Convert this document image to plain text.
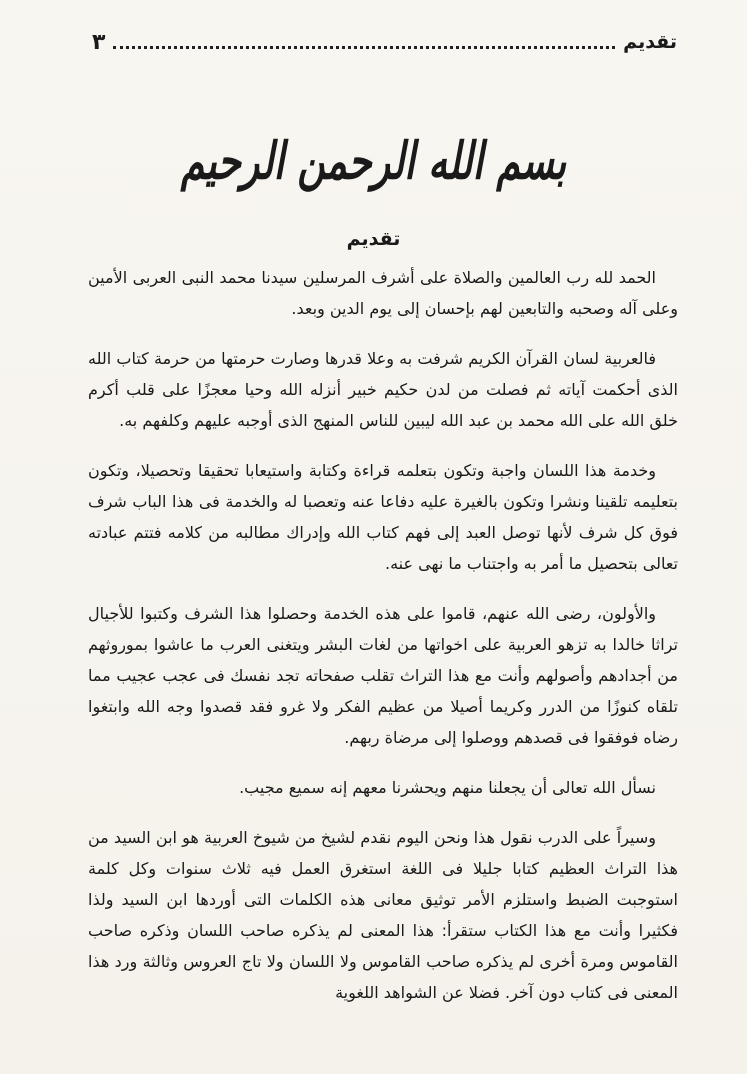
تقديم
٣
بسم الله الرحمن الرحيم
تقديم

الحمد لله رب العالمين والصلاة على أشرف المرسلين سيدنا محمد النبى العربى الأمين وعلى آله وصحبه والتابعين لهم بإحسان إلى يوم الدين وبعد.

فالعربية لسان القرآن الكريم شرفت به وعلا قدرها وصارت حرمتها من حرمة كتاب الله الذى أحكمت آياته ثم فصلت من لدن حكيم خبير أنزله الله وحيا معجزًا على قلب أكرم خلق الله على الله محمد بن عبد الله ليبين للناس المنهج الذى أوجبه عليهم وكلفهم به.

وخدمة هذا اللسان واجبة وتكون بتعلمه قراءة وكتابة واستيعابا تحقيقا وتحصيلا، وتكون بتعليمه تلقينا ونشرا وتكون بالغيرة عليه دفاعا عنه وتعصبا له والخدمة فى هذا الباب شرف فوق كل شرف لأنها توصل العبد إلى فهم كتاب الله وإدراك مطالبه من كلامه فتتم عبادته تعالى بتحصيل ما أمر به واجتناب ما نهى عنه.

والأولون، رضى الله عنهم، قاموا على هذه الخدمة وحصلوا هذا الشرف وكتبوا للأجيال تراثا خالدا به تزهو العربية على اخواتها من لغات البشر ويتغنى العرب ما عاشوا بموروثهم من أجدادهم وأصولهم وأنت مع هذا التراث تقلب صفحاته تجد نفسك فى عجب عجيب مما تلقاه كنوزًا من الدرر وكريما أصيلا من عظيم الفكر ولا غرو فقد قصدوا وجه الله وابتغوا رضاه فوفقوا فى قصدهم ووصلوا إلى مرضاة ربهم.

نسأل الله تعالى أن يجعلنا منهم ويحشرنا معهم إنه سميع مجيب.

وسيراً على الدرب نقول هذا ونحن اليوم نقدم لشيخ من شيوخ العربية هو ابن السيد من هذا التراث العظيم كتابا جليلا فى اللغة استغرق العمل فيه ثلاث سنوات وكل كلمة استوجبت الضبط واستلزم الأمر توثيق معانى هذه الكلمات التى أوردها ابن السيد ولذا فكثيرا وأنت مع هذا الكتاب ستقرأ: هذا المعنى لم يذكره صاحب اللسان وذكره صاحب القاموس ومرة أخرى لم يذكره صاحب القاموس ولا اللسان ولا تاج العروس وثالثة ورد هذا المعنى فى كتاب دون آخر. فضلا عن الشواهد اللغوية
